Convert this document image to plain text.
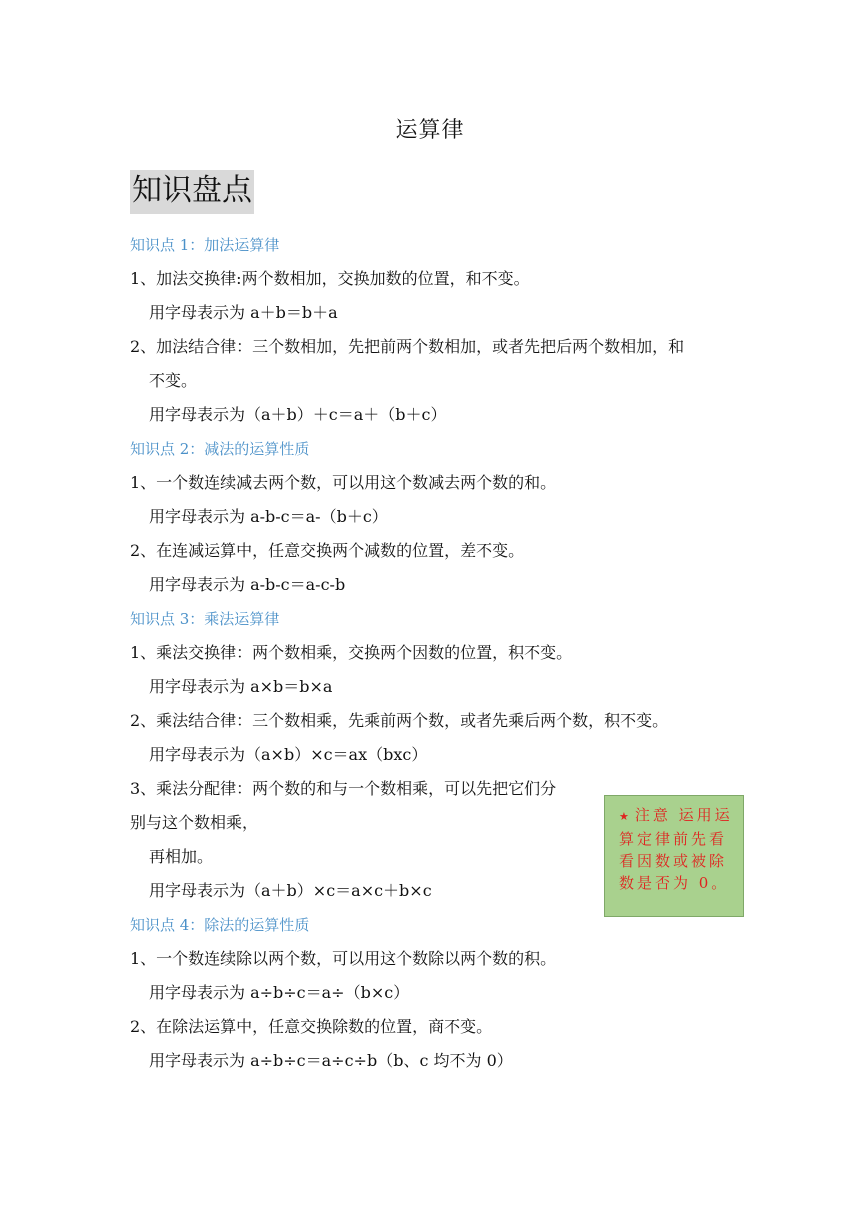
运算律
知识盘点
知识点 1：加法运算律
1、加法交换律:两个数相加，交换加数的位置，和不变。
用字母表示为 a＋b＝b＋a
2、加法结合律：三个数相加，先把前两个数相加，或者先把后两个数相加，和
不变。
用字母表示为（a＋b）＋c＝a＋（b＋c）
知识点 2：减法的运算性质
1、一个数连续减去两个数，可以用这个数减去两个数的和。
用字母表示为 a-b-c＝a-（b＋c）
2、在连减运算中，任意交换两个减数的位置，差不变。
用字母表示为 a-b-c＝a-c-b
知识点 3：乘法运算律
1、乘法交换律：两个数相乘，交换两个因数的位置，积不变。
用字母表示为 a×b＝b×a
2、乘法结合律：三个数相乘，先乘前两个数，或者先乘后两个数，积不变。
用字母表示为（a×b）×c＝ax（bxc）
3、乘法分配律：两个数的和与一个数相乘，可以先把它们分
别与这个数相乘，
再相加。
用字母表示为（a＋b）×c＝a×c＋b×c
知识点 4：除法的运算性质
1、一个数连续除以两个数，可以用这个数除以两个数的积。
用字母表示为 a÷b÷c＝a÷（b×c）
2、在除法运算中，任意交换除数的位置，商不变。
用字母表示为 a÷b÷c＝a÷c÷b（b、c 均不为 0）
★ 注意 运用运算定律前先看看因数或被除数是否为 0。
